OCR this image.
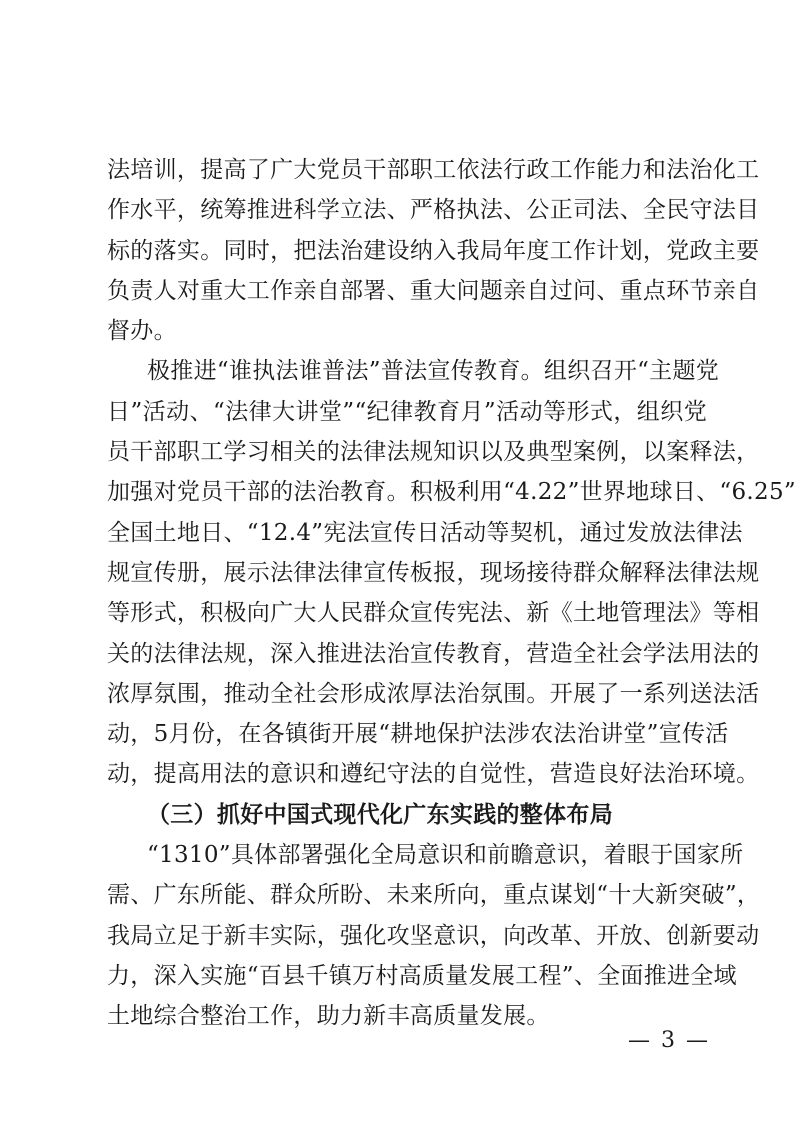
法培训，提高了广大党员干部职工依法行政工作能力和法治化工
作水平，统筹推进科学立法、严格执法、公正司法、全民守法目
标的落实。同时，把法治建设纳入我局年度工作计划，党政主要
负责人对重大工作亲自部署、重大问题亲自过问、重点环节亲自
督办。
极推进“谁执法谁普法”普法宣传教育。组织召开“主题党
日”活动、“法律大讲堂”“纪律教育月”活动等形式，组织党
员干部职工学习相关的法律法规知识以及典型案例，以案释法，
加强对党员干部的法治教育。积极利用“4.22”世界地球日、“6.25”
全国土地日、“12.4”宪法宣传日活动等契机，通过发放法律法
规宣传册，展示法律法律宣传板报，现场接待群众解释法律法规
等形式，积极向广大人民群众宣传宪法、新《土地管理法》等相
关的法律法规，深入推进法治宣传教育，营造全社会学法用法的
浓厚氛围，推动全社会形成浓厚法治氛围。开展了一系列送法活
动，5月份，在各镇街开展“耕地保护法涉农法治讲堂”宣传活
动，提高用法的意识和遵纪守法的自觉性，营造良好法治环境。
（三）抓好中国式现代化广东实践的整体布局
“1310”具体部署强化全局意识和前瞻意识，着眼于国家所
需、广东所能、群众所盼、未来所向，重点谋划“十大新突破”，
我局立足于新丰实际，强化攻坚意识，向改革、开放、创新要动
力，深入实施“百县千镇万村高质量发展工程”、全面推进全域
土地综合整治工作，助力新丰高质量发展。
— 3 —
